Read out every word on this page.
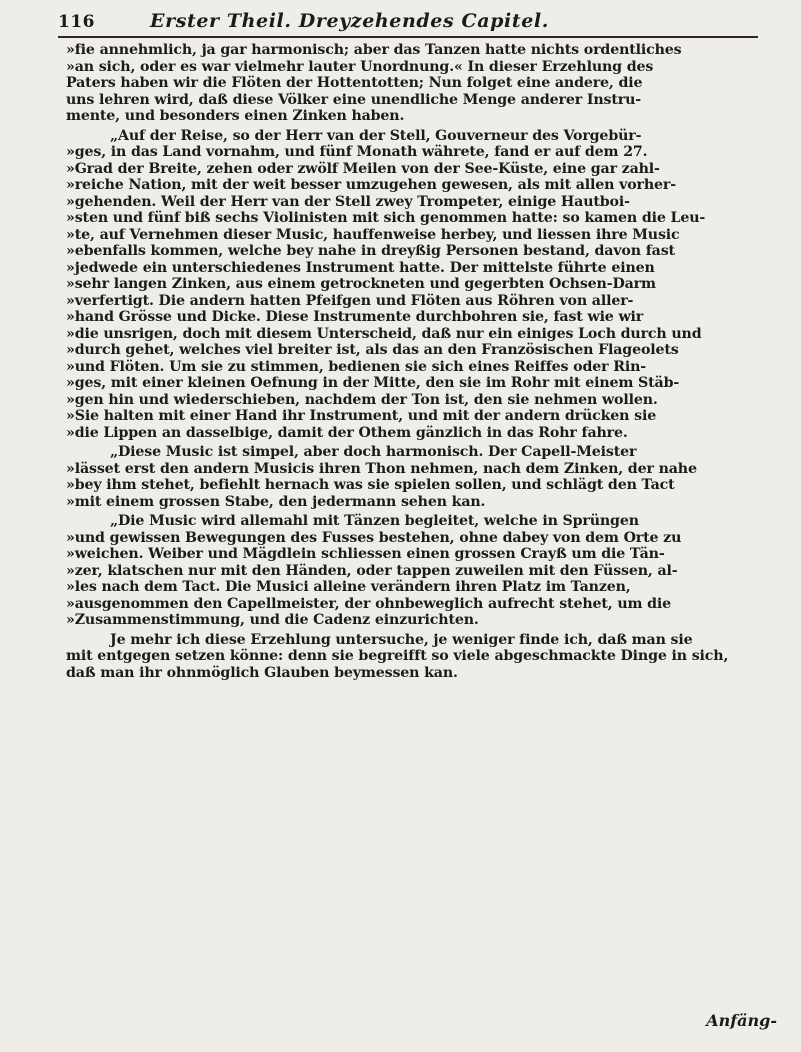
116	Erster Theil. Dreyzehendes Capitel.
»fie annehmlich, ja gar harmonisch; aber das Tanzen hatte nichts ordentliches
»an sich, oder es war vielmehr lauter Unordnung.« In dieser Erzehlung des
Paters haben wir die Flöten der Hottentotten; Nun folget eine andere, die
uns lehren wird, daß diese Völker eine unendliche Menge anderer Instru-
mente, und besonders einen Zinken haben.
„Auf der Reise, so der Herr van der Stell, Gouverneur des Vorgebür-
»ges, in das Land vornahm, und fünf Monath währete, fand er auf dem 27.
»Grad der Breite, zehen oder zwölf Meilen von der See-Küste, eine gar zahl-
»reiche Nation, mit der weit besser umzugehen gewesen, als mit allen vorher-
»gehenden. Weil der Herr van der Stell zwey Trompeter, einige Hautboi-
»sten und fünf biß sechs Violinisten mit sich genommen hatte: so kamen die Leu-
»te, auf Vernehmen dieser Music, hauffenweise herbey, und liessen ihre Music
»ebenfalls kommen, welche bey nahe in dreyßig Personen bestand, davon fast
»jedwede ein unterschiedenes Instrument hatte. Der mittelste führte einen
»sehr langen Zinken, aus einem getrockneten und gegerbten Ochsen-Darm
»verfertigt. Die andern hatten Pfeifgen und Flöten aus Röhren von aller-
»hand Grösse und Dicke. Diese Instrumente durchbohren sie, fast wie wir
»die unsrigen, doch mit diesem Unterscheid, daß nur ein einiges Loch durch und
»durch gehet, welches viel breiter ist, als das an den Französischen Flageolets
»und Flöten. Um sie zu stimmen, bedienen sie sich eines Reiffes oder Rin-
»ges, mit einer kleinen Oefnung in der Mitte, den sie im Rohr mit einem Stäb-
»gen hin und wiederschieben, nachdem der Ton ist, den sie nehmen wollen.
»Sie halten mit einer Hand ihr Instrument, und mit der andern drücken sie
»die Lippen an dasselbige, damit der Othem gänzlich in das Rohr fahre.
„Diese Music ist simpel, aber doch harmonisch. Der Capell-Meister
»lässet erst den andern Musicis ihren Thon nehmen, nach dem Zinken, der nahe
»bey ihm stehet, befiehlt hernach was sie spielen sollen, und schlägt den Tact
»mit einem grossen Stabe, den jedermann sehen kan.
„Die Music wird allemahl mit Tänzen begleitet, welche in Sprüngen
»und gewissen Bewegungen des Fusses bestehen, ohne dabey von dem Orte zu
»weichen. Weiber und Mägdlein schliessen einen grossen Crayß um die Tän-
»zer, klatschen nur mit den Händen, oder tappen zuweilen mit den Füssen, al-
»les nach dem Tact. Die Musici alleine verändern ihren Platz im Tanzen,
»ausgenommen den Capellmeister, der ohnbeweglich aufrecht stehet, um die
»Zusammenstimmung, und die Cadenz einzurichten.
Je mehr ich diese Erzehlung untersuche, je weniger finde ich, daß man sie
mit entgegen setzen könne: denn sie begreifft so viele abgeschmackte Dinge in sich,
daß man ihr ohnmöglich Glauben beymessen kan.
Anfäng-
